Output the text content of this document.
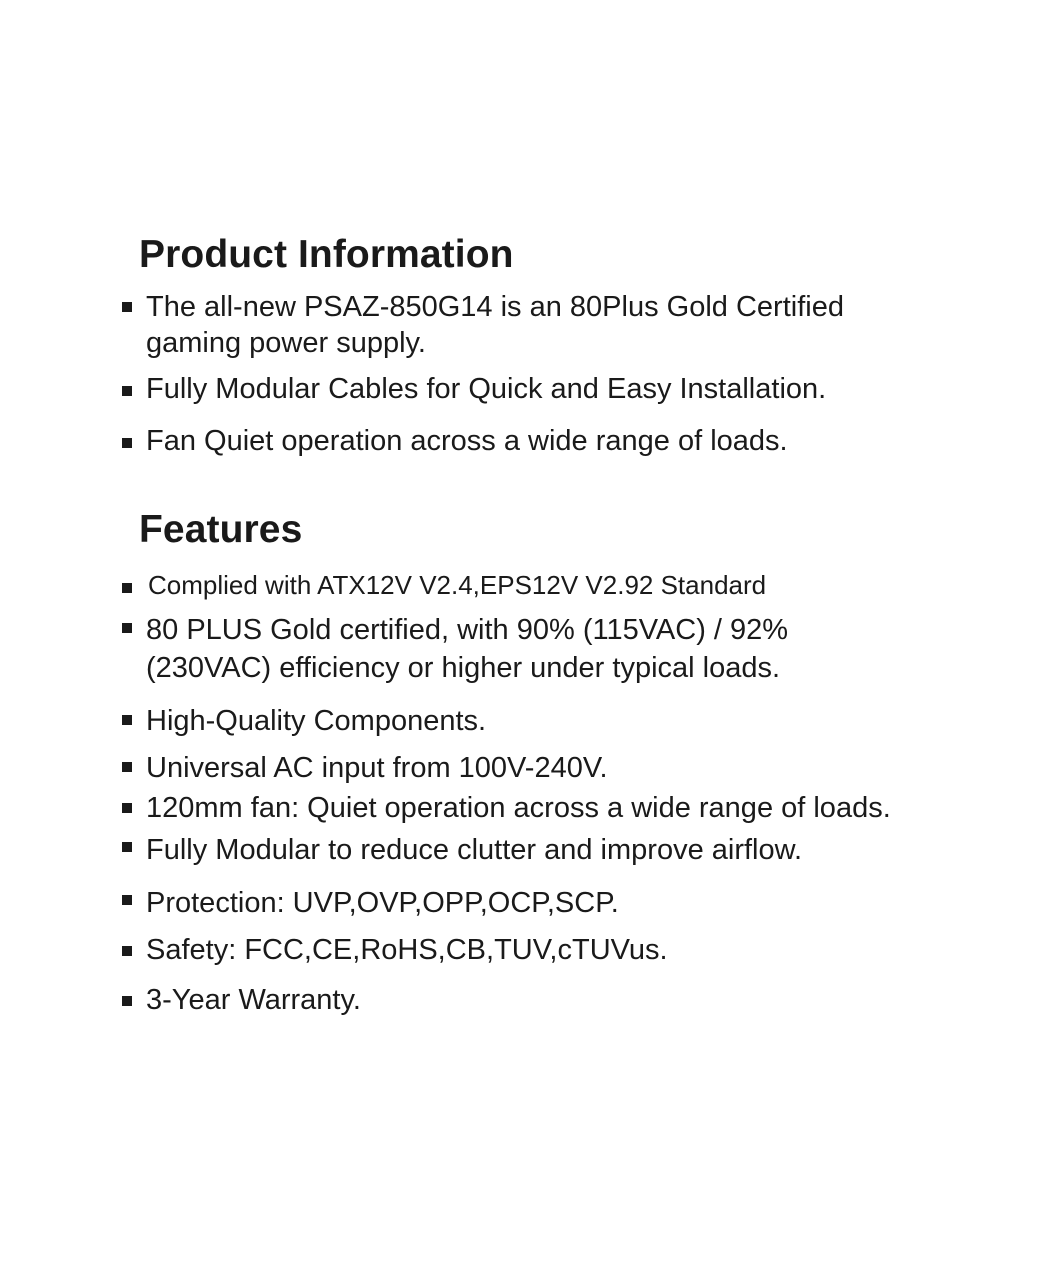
Product Information
The all-new PSAZ-850G14 is an 80Plus Gold Certified
gaming power supply.
Fully Modular Cables for Quick and Easy Installation.
Fan Quiet operation across a wide range of loads.
Features
Complied with ATX12V V2.4,EPS12V V2.92 Standard
80 PLUS Gold certified, with 90% (115VAC) / 92%
(230VAC) efficiency or higher under typical loads.
High-Quality Components.
Universal AC input from 100V-240V.
120mm fan: Quiet operation across a wide range of loads.
Fully Modular to reduce clutter and improve airflow.
Protection: UVP,OVP,OPP,OCP,SCP.
Safety: FCC,CE,RoHS,CB,TUV,cTUVus.
3-Year Warranty.
